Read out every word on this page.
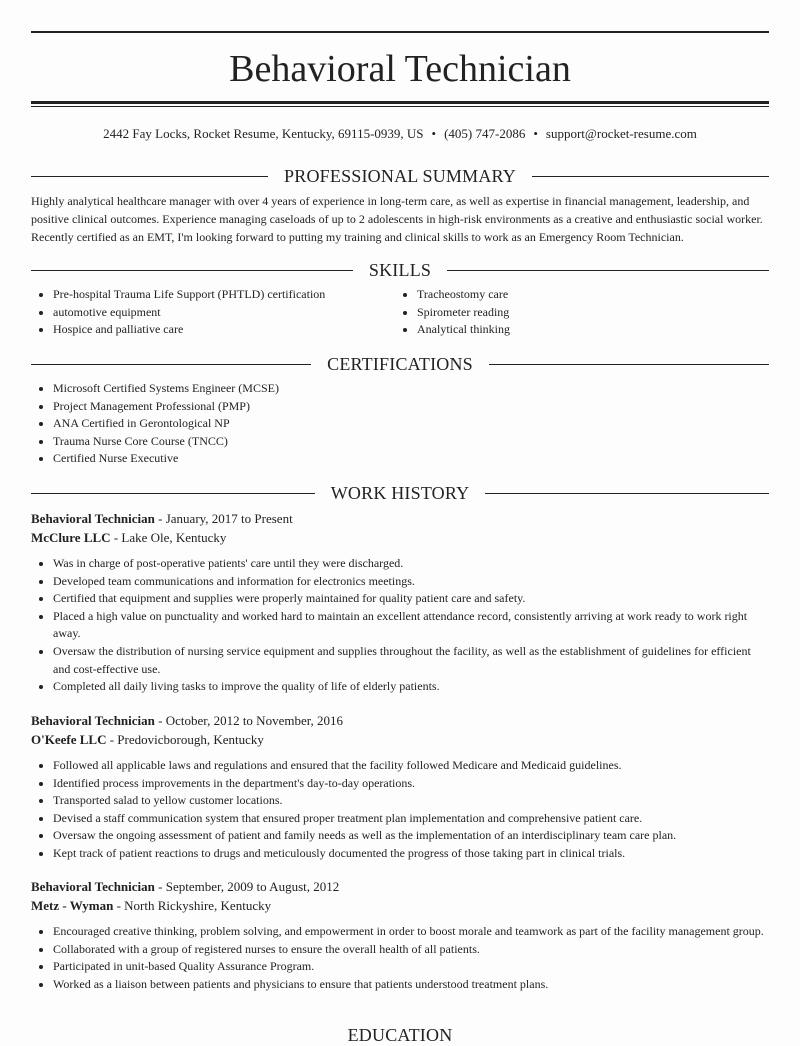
Behavioral Technician
2442 Fay Locks, Rocket Resume, Kentucky, 69115-0939, US • (405) 747-2086 • support@rocket-resume.com
PROFESSIONAL SUMMARY
Highly analytical healthcare manager with over 4 years of experience in long-term care, as well as expertise in financial management, leadership, and positive clinical outcomes. Experience managing caseloads of up to 2 adolescents in high-risk environments as a creative and enthusiastic social worker. Recently certified as an EMT, I'm looking forward to putting my training and clinical skills to work as an Emergency Room Technician.
SKILLS
• Pre-hospital Trauma Life Support (PHTLD) certification
• automotive equipment
• Hospice and palliative care
• Tracheostomy care
• Spirometer reading
• Analytical thinking
CERTIFICATIONS
• Microsoft Certified Systems Engineer (MCSE)
• Project Management Professional (PMP)
• ANA Certified in Gerontological NP
• Trauma Nurse Core Course (TNCC)
• Certified Nurse Executive
WORK HISTORY
Behavioral Technician - January, 2017 to Present
McClure LLC - Lake Ole, Kentucky
• Was in charge of post-operative patients' care until they were discharged.
• Developed team communications and information for electronics meetings.
• Certified that equipment and supplies were properly maintained for quality patient care and safety.
• Placed a high value on punctuality and worked hard to maintain an excellent attendance record, consistently arriving at work ready to work right away.
• Oversaw the distribution of nursing service equipment and supplies throughout the facility, as well as the establishment of guidelines for efficient and cost-effective use.
• Completed all daily living tasks to improve the quality of life of elderly patients.
Behavioral Technician - October, 2012 to November, 2016
O'Keefe LLC - Predovicborough, Kentucky
• Followed all applicable laws and regulations and ensured that the facility followed Medicare and Medicaid guidelines.
• Identified process improvements in the department's day-to-day operations.
• Transported salad to yellow customer locations.
• Devised a staff communication system that ensured proper treatment plan implementation and comprehensive patient care.
• Oversaw the ongoing assessment of patient and family needs as well as the implementation of an interdisciplinary team care plan.
• Kept track of patient reactions to drugs and meticulously documented the progress of those taking part in clinical trials.
Behavioral Technician - September, 2009 to August, 2012
Metz - Wyman - North Rickyshire, Kentucky
• Encouraged creative thinking, problem solving, and empowerment in order to boost morale and teamwork as part of the facility management group.
• Collaborated with a group of registered nurses to ensure the overall health of all patients.
• Participated in unit-based Quality Assurance Program.
• Worked as a liaison between patients and physicians to ensure that patients understood treatment plans.
EDUCATION
